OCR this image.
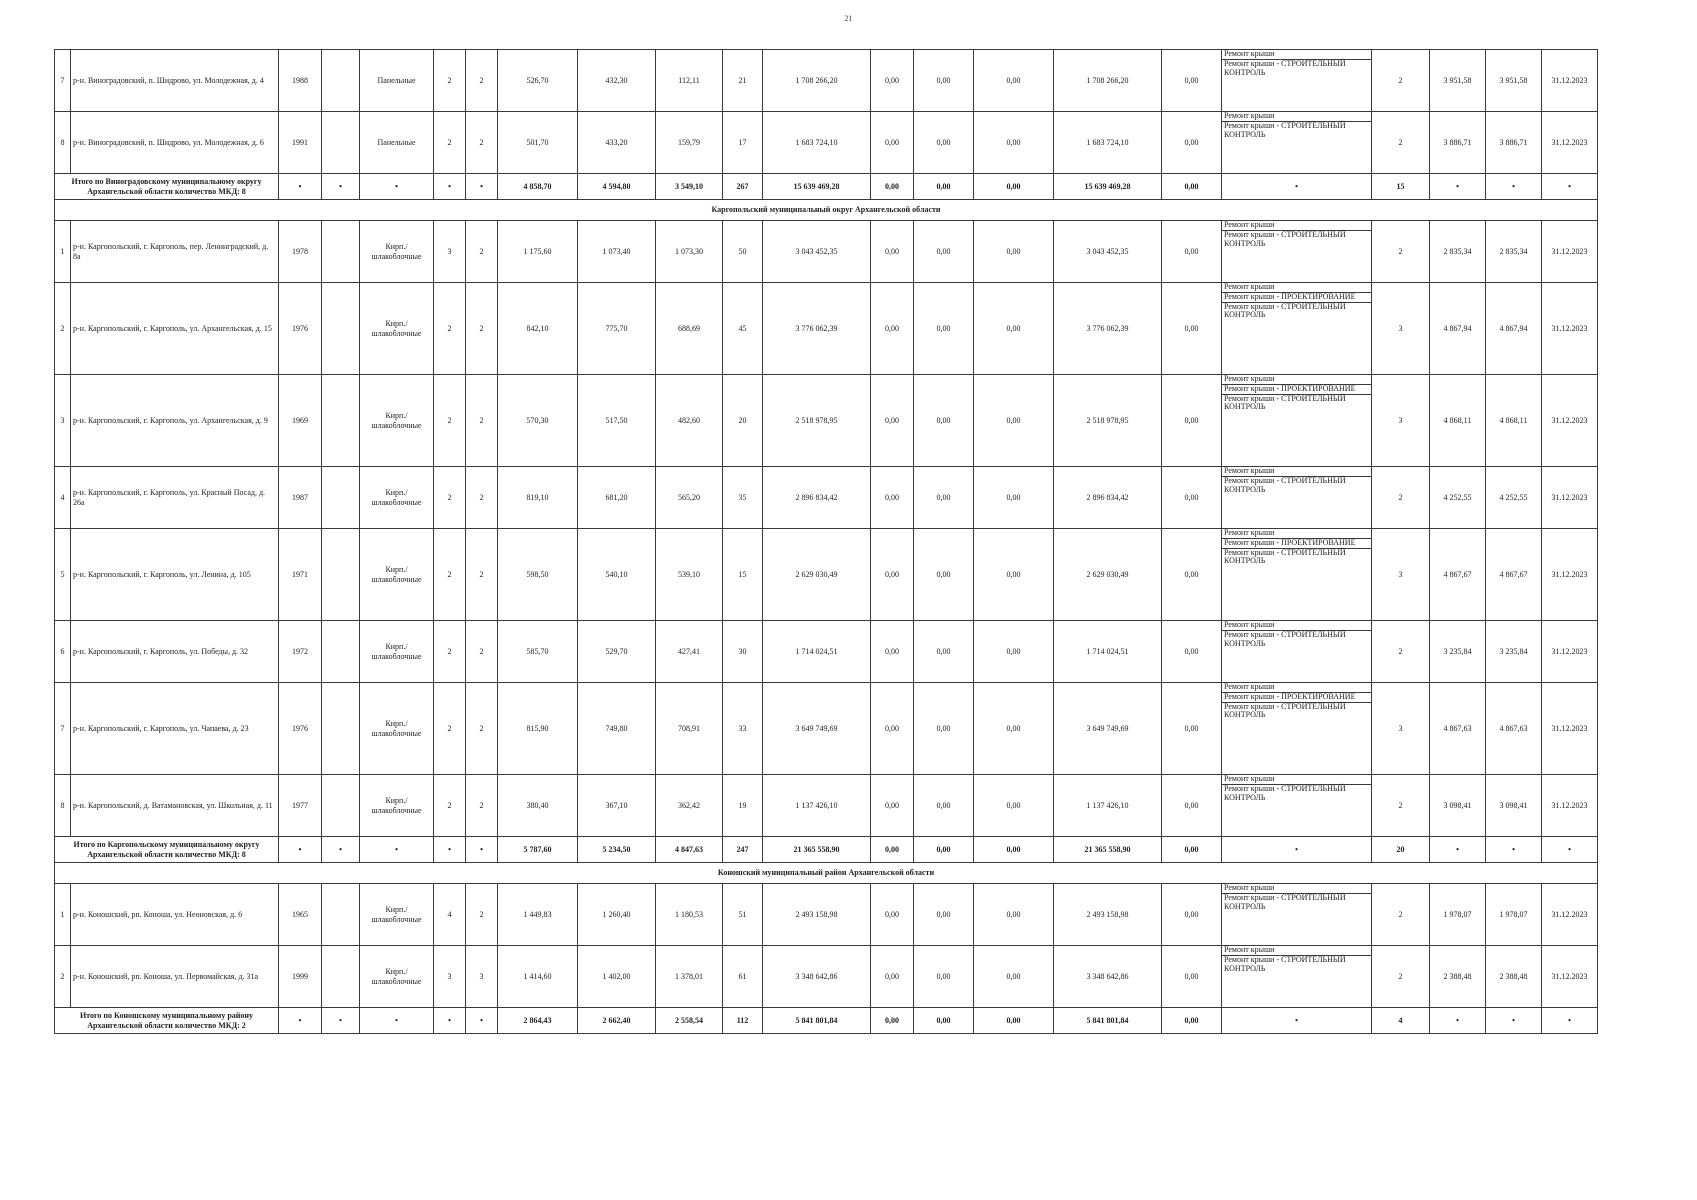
21
7	р-н. Виноградовский, п. Шидрово, ул. Молодежная, д. 4	1988		Панельные	2	2	526,70	432,30	112,11	21	1 708 266,20	0,00	0,00	0,00	1 708 266,20	0,00	Ремонт крыши
Ремонт крыши - СТРОИТЕЛЬНЫЙ КОНТРОЛЬ	2	3 951,58	3 951,58	31.12.2023
8	р-н. Виноградовский, п. Шидрово, ул. Молодежная, д. 6	1991		Панельные	2	2	501,70	433,20	159,79	17	1 683 724,10	0,00	0,00	0,00	1 683 724,10	0,00	Ремонт крыши
Ремонт крыши - СТРОИТЕЛЬНЫЙ КОНТРОЛЬ	2	3 886,71	3 886,71	31.12.2023
Итого по Виноградовскому муниципальному округу Архангельской области количество МКД: 8		•	•	•	•	•	4 858,70	4 594,80	3 549,10	267	15 639 469,28	0,00	0,00	0,00	15 639 469,28	0,00	•	15	•	•	•
Каргопольский муниципальный округ Архангельской области																					
1	р-н. Каргопольский, г. Каргополь, пер. Ленинградский, д. 8а	1978		Кирп./ шлакоблочные	3	2	1 175,60	1 073,40	1 073,30	50	3 043 452,35	0,00	0,00	0,00	3 043 452,35	0,00	Ремонт крыши
Ремонт крыши - СТРОИТЕЛЬНЫЙ КОНТРОЛЬ	2	2 835,34	2 835,34	31.12.2023
2	р-н. Каргопольский, г. Каргополь, ул. Архангельская, д. 15	1976		Кирп./ шлакоблочные	2	2	842,10	775,70	688,69	45	3 776 062,39	0,00	0,00	0,00	3 776 062,39	0,00	Ремонт крыши
Ремонт крыши - ПРОЕКТИРОВАНИЕ
Ремонт крыши - СТРОИТЕЛЬНЫЙ КОНТРОЛЬ	3	4 867,94	4 867,94	31.12.2023
3	р-н. Каргопольский, г. Каргополь, ул. Архангельская, д. 9	1969		Кирп./ шлакоблочные	2	2	570,30	517,50	482,60	20	2 518 978,95	0,00	0,00	0,00	2 518 978,95	0,00	Ремонт крыши
Ремонт крыши - ПРОЕКТИРОВАНИЕ
Ремонт крыши - СТРОИТЕЛЬНЫЙ КОНТРОЛЬ	3	4 868,11	4 868,11	31.12.2023
4	р-н. Каргопольский, г. Каргополь, ул. Красный Посад, д. 26а	1987		Кирп./ шлакоблочные	2	2	819,10	681,20	565,20	35	2 896 834,42	0,00	0,00	0,00	2 896 834,42	0,00	Ремонт крыши
Ремонт крыши - СТРОИТЕЛЬНЫЙ КОНТРОЛЬ	2	4 252,55	4 252,55	31.12.2023
5	р-н. Каргопольский, г. Каргополь, ул. Ленина, д. 105	1971		Кирп./ шлакоблочные	2	2	598,50	540,10	539,10	15	2 629 030,49	0,00	0,00	0,00	2 629 030,49	0,00	Ремонт крыши
Ремонт крыши - ПРОЕКТИРОВАНИЕ
Ремонт крыши - СТРОИТЕЛЬНЫЙ КОНТРОЛЬ	3	4 867,67	4 867,67	31.12.2023
6	р-н. Каргопольский, г. Каргополь, ул. Победы, д. 32	1972		Кирп./ шлакоблочные	2	2	585,70	529,70	427,41	30	1 714 024,51	0,00	0,00	0,00	1 714 024,51	0,00	Ремонт крыши
Ремонт крыши - СТРОИТЕЛЬНЫЙ КОНТРОЛЬ	2	3 235,84	3 235,84	31.12.2023
7	р-н. Каргопольский, г. Каргополь, ул. Чапаева, д. 23	1976		Кирп./ шлакоблочные	2	2	815,90	749,80	708,91	33	3 649 749,69	0,00	0,00	0,00	3 649 749,69	0,00	Ремонт крыши
Ремонт крыши - ПРОЕКТИРОВАНИЕ
Ремонт крыши - СТРОИТЕЛЬНЫЙ КОНТРОЛЬ	3	4 867,63	4 867,63	31.12.2023
8	р-н. Каргопольский, д. Ватамановская, ул. Школьная, д. 11	1977		Кирп./ шлакоблочные	2	2	380,40	367,10	362,42	19	1 137 426,10	0,00	0,00	0,00	1 137 426,10	0,00	Ремонт крыши
Ремонт крыши - СТРОИТЕЛЬНЫЙ КОНТРОЛЬ	2	3 098,41	3 098,41	31.12.2023
Итого по Каргопольскому муниципальному округу Архангельской области количество МКД: 8		•	•	•	•	•	5 787,60	5 234,50	4 847,63	247	21 365 558,90	0,00	0,00	0,00	21 365 558,90	0,00	•	20	•	•	•
Коношский муниципальный район Архангельской области																					
1	р-н. Коношский, рп. Коноша, ул. Неоновская, д. 6	1965		Кирп./ шлакоблочные	4	2	1 449,83	1 260,40	1 180,53	51	2 493 158,98	0,00	0,00	0,00	2 493 158,98	0,00	Ремонт крыши
Ремонт крыши - СТРОИТЕЛЬНЫЙ КОНТРОЛЬ	2	1 978,07	1 978,07	31.12.2023
2	р-н. Коношский, рп. Коноша, ул. Первомайская, д. 31а	1999		Кирп./ шлакоблочные	3	3	1 414,60	1 402,00	1 378,01	61	3 348 642,86	0,00	0,00	0,00	3 348 642,86	0,00	Ремонт крыши
Ремонт крыши - СТРОИТЕЛЬНЫЙ КОНТРОЛЬ	2	2 388,48	2 388,48	31.12.2023
Итого по Коношскому муниципальному району Архангельской области количество МКД: 2		•	•	•	•	•	2 864,43	2 662,40	2 558,54	112	5 841 801,84	0,00	0,00	0,00	5 841 801,84	0,00	•	4	•	•	•
